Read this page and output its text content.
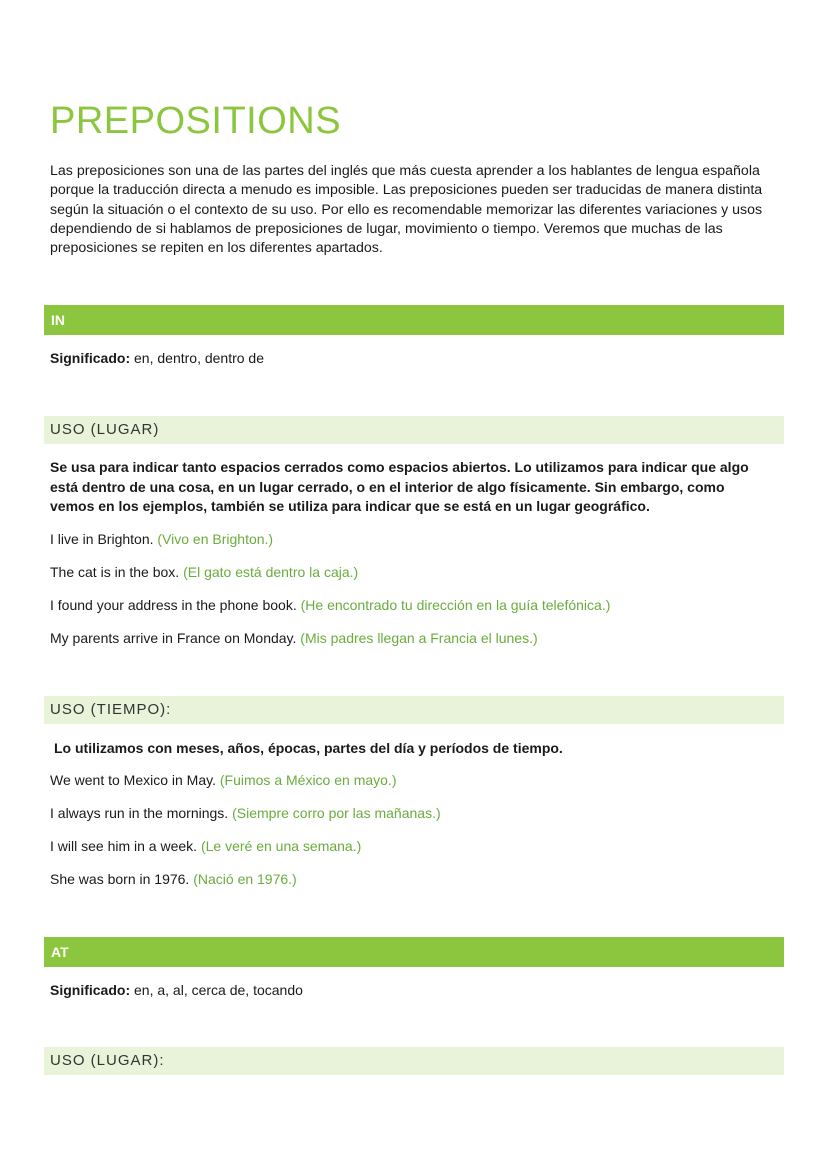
PREPOSITIONS

Las preposiciones son una de las partes del inglés que más cuesta aprender a los hablantes de lengua española porque la traducción directa a menudo es imposible. Las preposiciones pueden ser traducidas de manera distinta según la situación o el contexto de su uso. Por ello es recomendable memorizar las diferentes variaciones y usos dependiendo de si hablamos de preposiciones de lugar, movimiento o tiempo. Veremos que muchas de las preposiciones se repiten en los diferentes apartados.

IN

Significado: en, dentro, dentro de

USO (LUGAR)

Se usa para indicar tanto espacios cerrados como espacios abiertos. Lo utilizamos para indicar que algo está dentro de una cosa, en un lugar cerrado, o en el interior de algo físicamente. Sin embargo, como vemos en los ejemplos, también se utiliza para indicar que se está en un lugar geográfico.

I live in Brighton. (Vivo en Brighton.)

The cat is in the box. (El gato está dentro la caja.)

I found your address in the phone book. (He encontrado tu dirección en la guía telefónica.)

My parents arrive in France on Monday. (Mis padres llegan a Francia el lunes.)

USO (TIEMPO):

Lo utilizamos con meses, años, épocas, partes del día y períodos de tiempo.

We went to Mexico in May. (Fuimos a México en mayo.)

I always run in the mornings. (Siempre corro por las mañanas.)

I will see him in a week. (Le veré en una semana.)

She was born in 1976. (Nació en 1976.)

AT

Significado: en, a, al, cerca de, tocando

USO (LUGAR):
